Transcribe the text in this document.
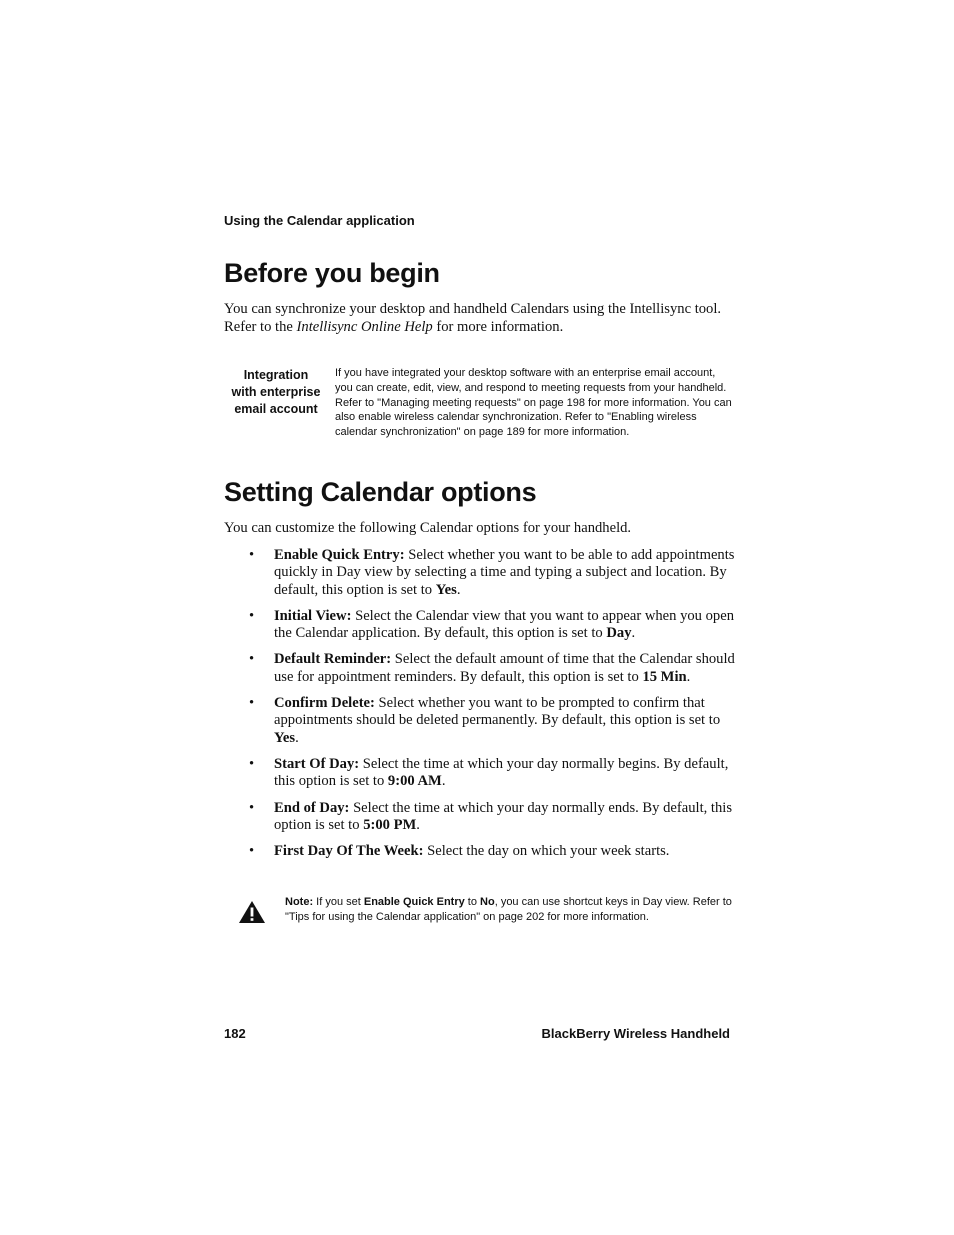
Using the Calendar application
Before you begin
You can synchronize your desktop and handheld Calendars using the Intellisync tool. Refer to the Intellisync Online Help for more information.
Integration
with enterprise
email account
If you have integrated your desktop software with an enterprise email account, you can create, edit, view, and respond to meeting requests from your handheld. Refer to "Managing meeting requests" on page 198 for more information. You can also enable wireless calendar synchronization. Refer to "Enabling wireless calendar synchronization" on page 189 for more information.
Setting Calendar options
You can customize the following Calendar options for your handheld.
• Enable Quick Entry: Select whether you want to be able to add appointments quickly in Day view by selecting a time and typing a subject and location. By default, this option is set to Yes.
• Initial View: Select the Calendar view that you want to appear when you open the Calendar application. By default, this option is set to Day.
• Default Reminder: Select the default amount of time that the Calendar should use for appointment reminders. By default, this option is set to 15 Min.
• Confirm Delete: Select whether you want to be prompted to confirm that appointments should be deleted permanently. By default, this option is set to Yes.
• Start Of Day: Select the time at which your day normally begins. By default, this option is set to 9:00 AM.
• End of Day: Select the time at which your day normally ends. By default, this option is set to 5:00 PM.
• First Day Of The Week: Select the day on which your week starts.
Note: If you set Enable Quick Entry to No, you can use shortcut keys in Day view. Refer to "Tips for using the Calendar application" on page 202 for more information.
182	BlackBerry Wireless Handheld
